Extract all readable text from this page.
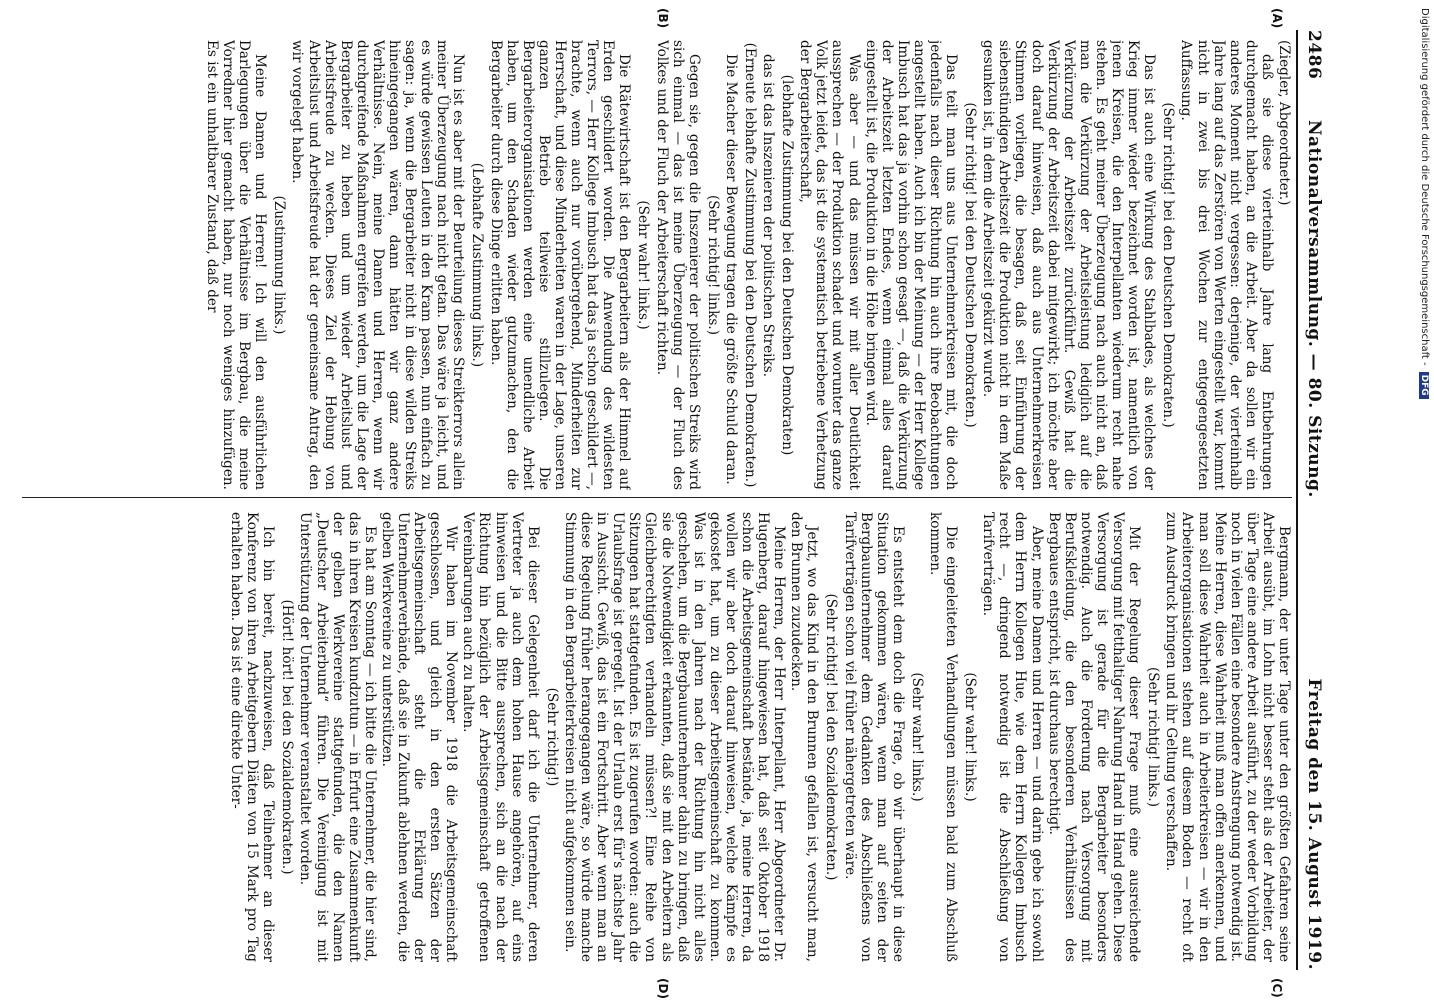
2486
Nationalversammlung. — 80. Sitzung.
Freitag den 15. August 1919.
(A)
(B)
(C)
(D)

(Ziegler, Abgeordneter.)

daß sie diese vierteinhalb Jahre lang Entbehrungen durchgemacht haben, an die Arbeit. Aber da sollen wir ein anderes Moment nicht vergessen: derjenige, der vierteinhalb Jahre lang auf das Zerstören von Werten eingestellt war, kommt nicht in zwei bis drei Wochen zur entgegengesetzten Auffassung.

(Sehr richtig! bei den Deutschen Demokraten.)

Das ist auch eine Wirkung des Stahlbades, als welches der Krieg immer wieder bezeichnet worden ist, namentlich von jenen Kreisen, die den Interpellanten wiederum recht nahe stehen. Es geht meiner Überzeugung nach auch nicht an, daß man die Verkürzung der Arbeitsleistung lediglich auf die Verkürzung der Arbeitszeit zurückführt. Gewiß hat die Verkürzung der Arbeitszeit dabei mitgewirkt; ich möchte aber doch darauf hinweisen, daß auch aus Unternehmerkreisen Stimmen vorliegen, die besagen, daß seit Einführung der siebenstündigen Arbeitszeit die Produktion nicht in dem Maße gesunken ist, in dem die Arbeitszeit gekürzt wurde.

(Sehr richtig! bei den Deutschen Demokraten.)

Das teilt man uns aus Unternehmerkreisen mit, die doch jedenfalls nach dieser Richtung hin auch ihre Beobachtungen angestellt haben. Auch ich bin der Meinung — der Herr Kollege Imbusch hat das ja vorhin schon gesagt —, daß die Verkürzung der Arbeitszeit letzten Endes, wenn einmal alles darauf eingestellt ist, die Produktion in die Höhe bringen wird.

Was aber — und das müssen wir mit aller Deutlichkeit aussprechen — der Produktion schadet und worunter das ganze Volk jetzt leidet, das ist die systematisch betriebene Verhetzung der Bergarbeiterschaft,

(lebhafte Zustimmung bei den Deutschen Demokraten)

das ist das Inszenieren der politischen Streiks.

(Erneute lebhafte Zustimmung bei den Deutschen Demokraten.)

Die Macher dieser Bewegung tragen die größte Schuld daran.

(Sehr richtig! links.)

Gegen sie, gegen die Inszenierer der politischen Streiks wird sich einmal — das ist meine Überzeugung — der Fluch des Volkes und der Fluch der Arbeiterschaft richten.

(Sehr wahr! links.)

Die Rätewirtschaft ist den Bergarbeitern als der Himmel auf Erden geschildert worden. Die Anwendung des wildesten Terrors, — Herr Kollege Imbusch hat das ja schon geschildert —, brachte, wenn auch nur vorübergehend, Minderheiten zur Herrschaft, und diese Minderheiten waren in der Lage, unseren ganzen Betrieb teilweise stillzulegen. Die Bergarbeiterorganisationen werden eine unendliche Arbeit haben, um den Schaden wieder gutzumachen, den die Bergarbeiter durch diese Dinge erlitten haben.

(Lebhafte Zustimmung links.)

Nun ist es aber mit der Beurteilung dieses Streikterrors allein meiner Überzeugung nach nicht getan. Das wäre ja leicht, und es würde gewissen Leuten in den Kram passen, nun einfach zu sagen: ja, wenn die Bergarbeiter nicht in diese wilden Streiks hineingegangen wären, dann hätten wir ganz andere Verhältnisse. Nein, meine Damen und Herren, wenn wir durchgreifende Maßnahmen ergreifen werden, um die Lage der Bergarbeiter zu heben und um wieder Arbeitslust und Arbeitsfreude zu wecken. Dieses Ziel der Hebung von Arbeitslust und Arbeitsfreude hat der gemeinsame Antrag, den wir vorgelegt haben.

(Zustimmung links.)

Meine Damen und Herren! Ich will den ausführlichen Darlegungen über die Verhältnisse im Bergbau, die meine Vorredner hier gemacht haben, nur noch weniges hinzufügen. Es ist ein unhaltbarer Zustand, daß der

Bergmann, der unter Tage unter den größten Gefahren seine Arbeit ausübt, im Lohn nicht besser steht als der Arbeiter, der über Tage eine andere Arbeit ausführt, zu der weder Vorbildung noch in vielen Fällen eine besondere Anstrengung notwendig ist. Meine Herren, diese Wahrheit muß man offen anerkennen, und man soll diese Wahrheit auch in Arbeiterkreisen — wir in den Arbeiterorganisationen stehen auf diesem Boden — recht oft zum Ausdruck bringen und ihr Geltung verschaffen.

(Sehr richtig! links.)

Mit der Regelung dieser Frage muß eine ausreichende Versorgung mit fetthaltiger Nahrung Hand in Hand gehen. Diese Versorgung ist gerade für die Bergarbeiter besonders notwendig. Auch die Forderung nach Versorgung mit Berufskleidung, die den besonderen Verhältnissen des Bergbaues entspricht, ist durchaus berechtigt.

Aber, meine Damen und Herren — und darin gebe ich sowohl dem Herrn Kollegen Hue, wie dem Herrn Kollegen Imbusch recht —, dringend notwendig ist die Abschließung von Tarifverträgen.

(Sehr wahr! links.)

Die eingeleiteten Verhandlungen müssen bald zum Abschluß kommen.

(Sehr wahr! links.)

Es entsteht dem doch die Frage, ob wir überhaupt in diese Situation gekommen wären, wenn man auf seiten der Bergbauunternehmer dem Gedanken des Abschließens von Tarifverträgen schon viel früher nähergetreten wäre.

(Sehr richtig! bei den Sozialdemokraten.)

Jetzt, wo das Kind in den Brunnen gefallen ist, versucht man, den Brunnen zuzudecken.

Meine Herren, der Herr Interpellant, Herr Abgeordneter Dr. Hugenberg, darauf hingewiesen hat, daß seit Oktober 1918 schon die Arbeitsgemeinschaft bestände, ja, meine Herren, da wollen wir aber doch darauf hinweisen, welche Kämpfe es gekostet hat, um zu dieser Arbeitsgemeinschaft zu kommen. Was ist in den Jahren nach der Richtung hin nicht alles geschehen, um die Bergbauunternehmer dahin zu bringen, daß sie die Notwendigkeit erkannten, daß sie mit den Arbeitern als Gleichberechtigten verhandeln müssen?! Eine Reihe von Sitzungen hat stattgefunden. Es ist zugerufen worden: auch die Urlaubsfrage ist geregelt. Ist der Urlaub erst für's nächste Jahr in Aussicht. Gewiß, das ist ein Fortschritt. Aber wenn man an diese Regelung früher herangegangen wäre, so würde manche Stimmung in den Bergarbeiterkreisen nicht aufgekommen sein.

(Sehr richtig!)

Bei dieser Gelegenheit darf ich die Unternehmer, deren Vertreter ja auch dem hohen Hause angehören, auf eins hinweisen und die Bitte aussprechen, sich an die nach der Richtung hin bezüglich der Arbeitsgemeinschaft getroffenen Vereinbarungen auch zu halten.

Wir haben im November 1918 die Arbeitsgemeinschaft geschlossen, und gleich in den ersten Sätzen der Arbeitsgemeinschaft steht die Erklärung der Unternehmerverbände, daß sie in Zukunft ablehnen werden, die gelben Werkvereine zu unterstützen.

Es hat am Sonntag — ich bitte die Unternehmer, die hier sind, das in ihren Kreisen kundzutun — in Erfurt eine Zusammenkunft der gelben Werkvereine stattgefunden, die den Namen „Deutscher Arbeiterbund“ führen. Die Vereinigung ist mit Unterstützung der Unternehmer veranstaltet worden.

(Hört! hört! bei den Sozialdemokraten.)

Ich bin bereit, nachzuweisen, daß Teilnehmer an dieser Konferenz von ihren Arbeitgebern Diäten von 15 Mark pro Tag erhalten haben. Das ist eine direkte Unter-

Digitalisierung gefördert durch die Deutsche Forschungsgemeinschaft -DFG
